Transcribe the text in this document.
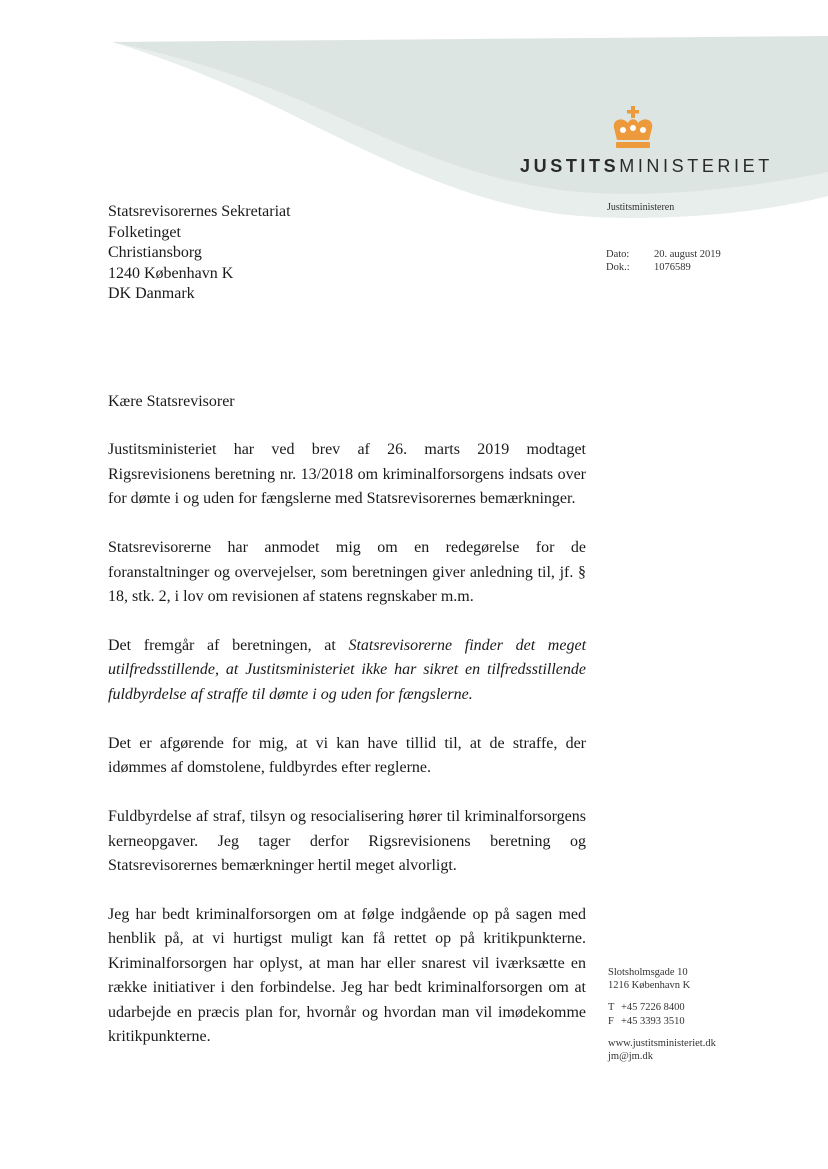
JUSTITSMINISTERIET
Justitsministeren
Dato:	20. august 2019
Dok.:	1076589
Statsrevisorernes Sekretariat
Folketinget
Christiansborg
1240 København K
DK Danmark

Kære Statsrevisorer

Justitsministeriet har ved brev af 26. marts 2019 modtaget Rigsrevisionens beretning nr. 13/2018 om kriminalforsorgens indsats over for dømte i og uden for fængslerne med Statsrevisorernes bemærkninger.

Statsrevisorerne har anmodet mig om en redegørelse for de foranstaltninger og overvejelser, som beretningen giver anledning til, jf. § 18, stk. 2, i lov om revisionen af statens regnskaber m.m.

Det fremgår af beretningen, at Statsrevisorerne finder det meget utilfredsstillende, at Justitsministeriet ikke har sikret en tilfredsstillende fuldbyrdelse af straffe til dømte i og uden for fængslerne.

Det er afgørende for mig, at vi kan have tillid til, at de straffe, der idømmes af domstolene, fuldbyrdes efter reglerne.

Fuldbyrdelse af straf, tilsyn og resocialisering hører til kriminalforsorgens kerneopgaver. Jeg tager derfor Rigsrevisionens beretning og Statsrevisorernes bemærkninger hertil meget alvorligt.

Jeg har bedt kriminalforsorgen om at følge indgående op på sagen med henblik på, at vi hurtigst muligt kan få rettet op på kritikpunkterne. Kriminalforsorgen har oplyst, at man har eller snarest vil iværksætte en række initiativer i den forbindelse. Jeg har bedt kriminalforsorgen om at udarbejde en præcis plan for, hvornår og hvordan man vil imødekomme kritikpunkterne.

Slotsholmsgade 10
1216 København K
T +45 7226 8400
F +45 3393 3510
www.justitsministeriet.dk
jm@jm.dk
